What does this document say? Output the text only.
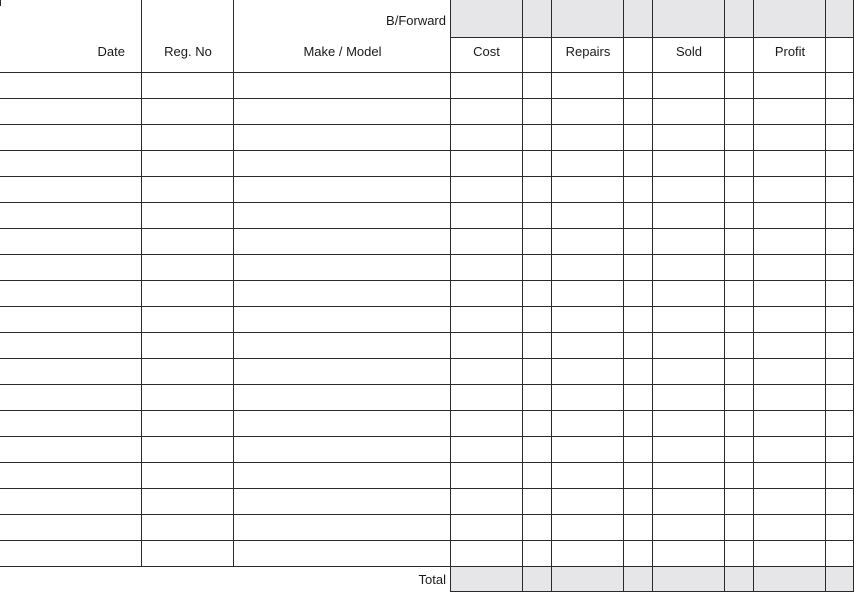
B/Forward
Date	Reg. No	Make / Model	Cost	Repairs	Sold	Profit
Total
